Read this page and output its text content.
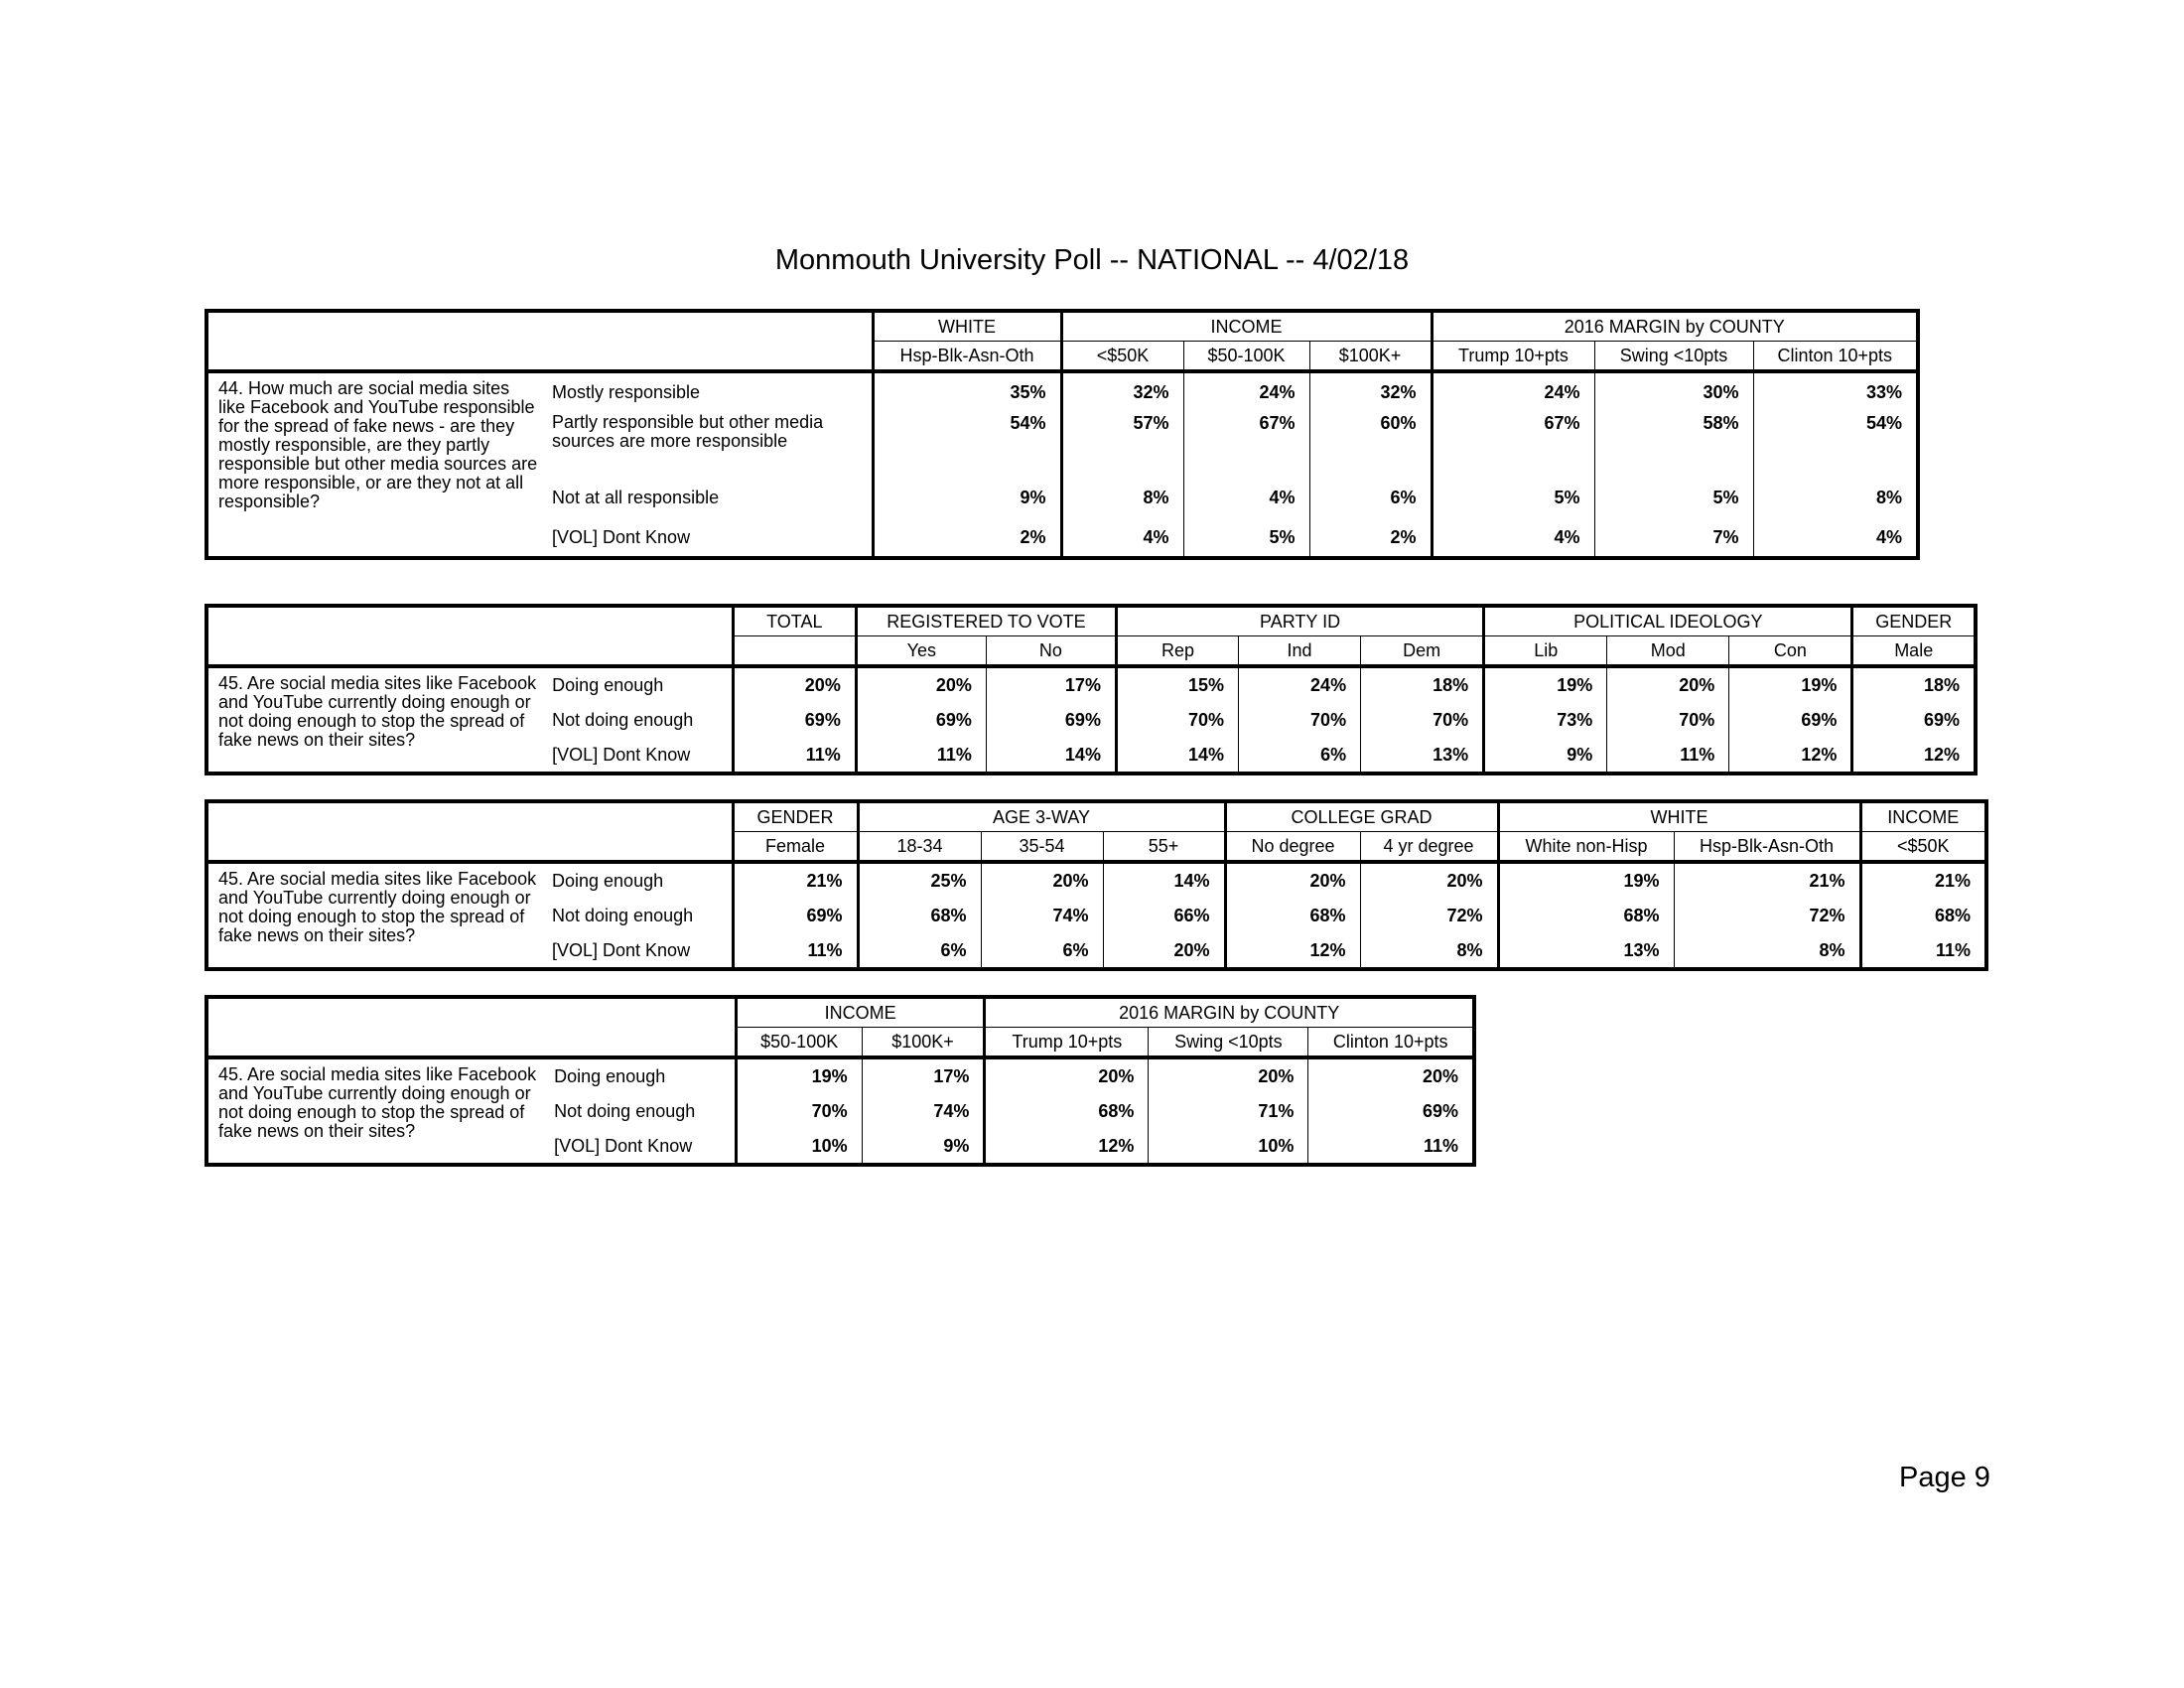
Monmouth University Poll -- NATIONAL -- 4/02/18
		WHITE	INCOME			2016 MARGIN by COUNTY		
		Hsp-Blk-Asn-Oth	<$50K	$50-100K	$100K+	Trump 10+pts	Swing <10pts	Clinton 10+pts
44. How much are social media sites like Facebook and YouTube responsible for the spread of fake news - are they mostly responsible, are they partly responsible but other media sources are more responsible, or are they not at all responsible?	Mostly responsible	35%	32%	24%	32%	24%	30%	33%
	Partly responsible but other media sources are more responsible	54%	57%	67%	60%	67%	58%	54%
	Not at all responsible	9%	8%	4%	6%	5%	5%	8%
	[VOL] Dont Know	2%	4%	5%	2%	4%	7%	4%
		TOTAL	REGISTERED TO VOTE		PARTY ID			POLITICAL IDEOLOGY			GENDER
			Yes	No	Rep	Ind	Dem	Lib	Mod	Con	Male
45. Are social media sites like Facebook and YouTube currently doing enough or not doing enough to stop the spread of fake news on their sites?	Doing enough	20%	20%	17%	15%	24%	18%	19%	20%	19%	18%
	Not doing enough	69%	69%	69%	70%	70%	70%	73%	70%	69%	69%
	[VOL] Dont Know	11%	11%	14%	14%	6%	13%	9%	11%	12%	12%
		GENDER	AGE 3-WAY			COLLEGE GRAD		WHITE		INCOME
		Female	18-34	35-54	55+	No degree	4 yr degree	White non-Hisp	Hsp-Blk-Asn-Oth	<$50K
45. Are social media sites like Facebook and YouTube currently doing enough or not doing enough to stop the spread of fake news on their sites?	Doing enough	21%	25%	20%	14%	20%	20%	19%	21%	21%
	Not doing enough	69%	68%	74%	66%	68%	72%	68%	72%	68%
	[VOL] Dont Know	11%	6%	6%	20%	12%	8%	13%	8%	11%
		INCOME		2016 MARGIN by COUNTY		
		$50-100K	$100K+	Trump 10+pts	Swing <10pts	Clinton 10+pts
45. Are social media sites like Facebook and YouTube currently doing enough or not doing enough to stop the spread of fake news on their sites?	Doing enough	19%	17%	20%	20%	20%
	Not doing enough	70%	74%	68%	71%	69%
	[VOL] Dont Know	10%	9%	12%	10%	11%
Page 9
